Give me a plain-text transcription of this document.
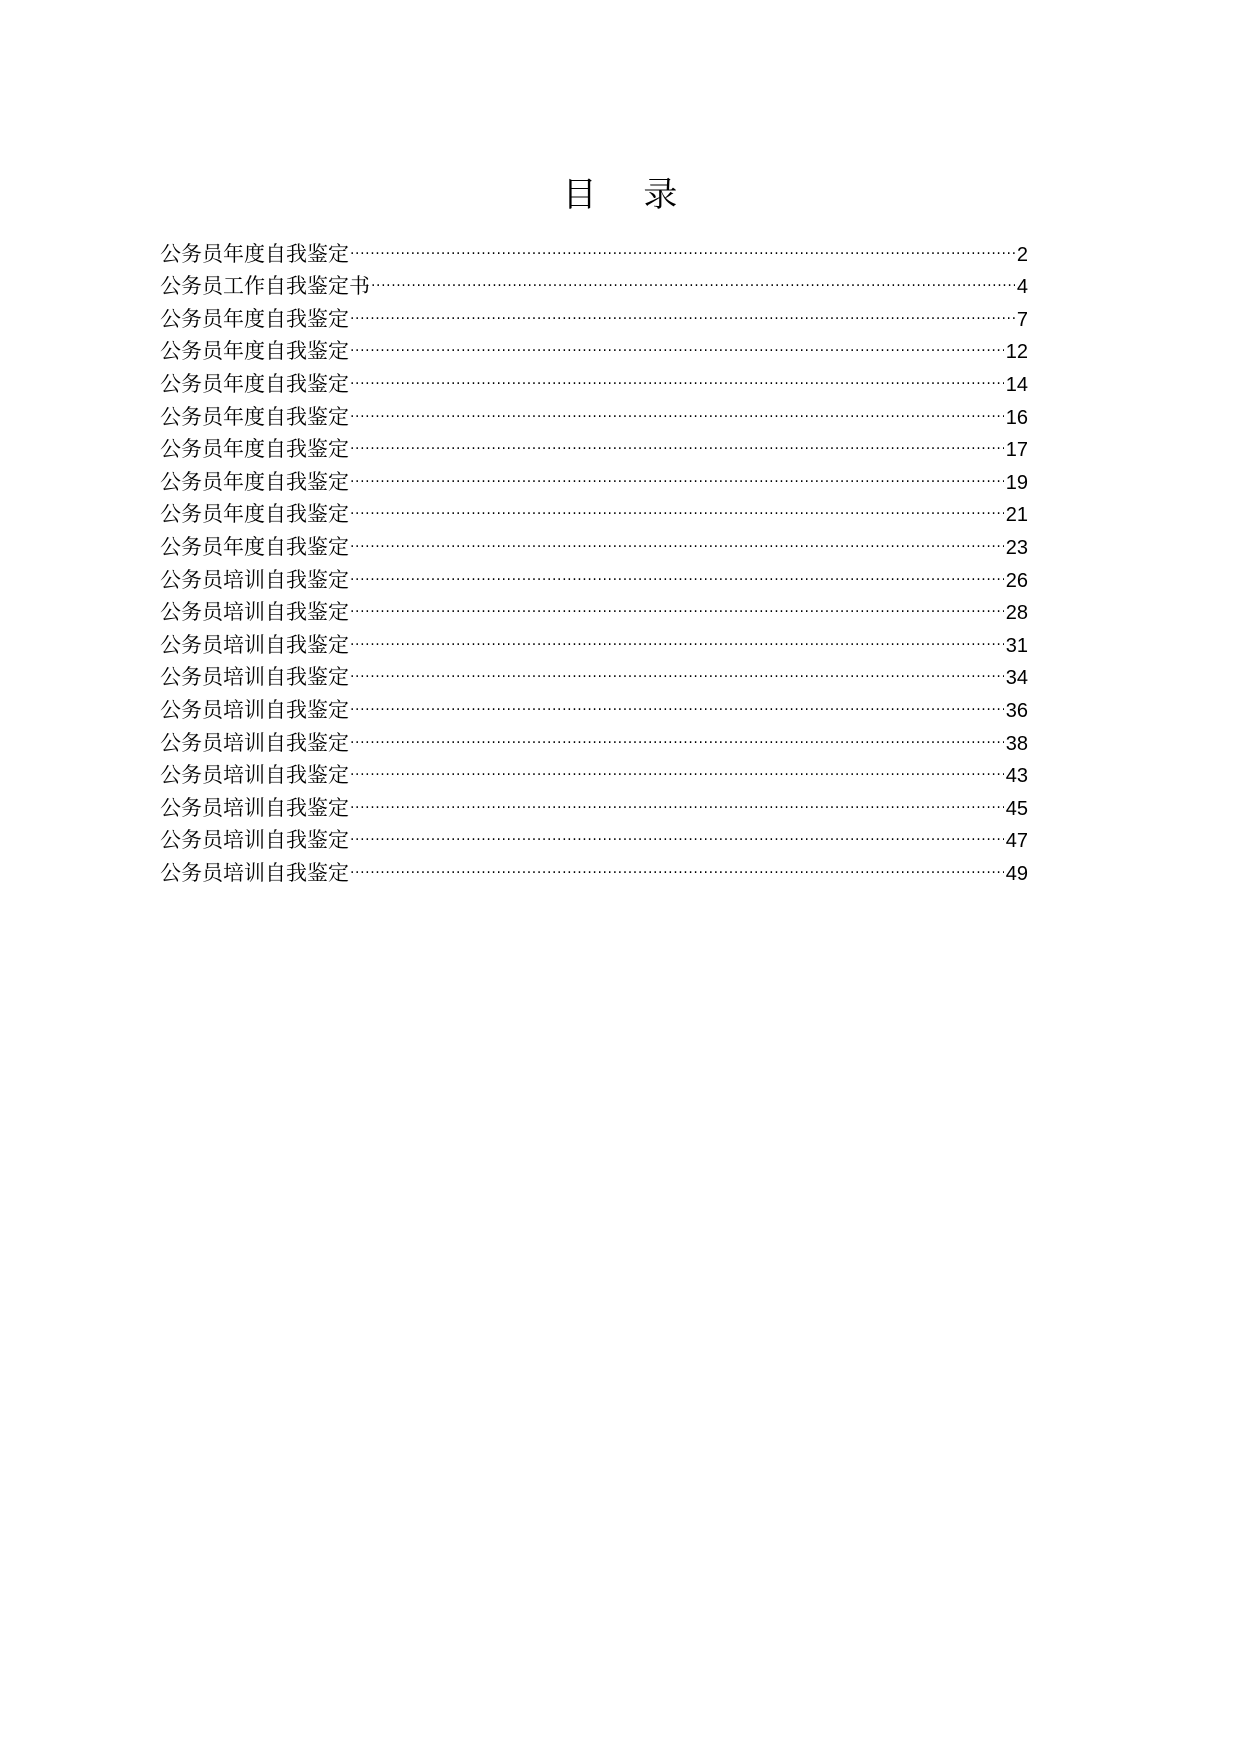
目 录
公务员年度自我鉴定 .....	2
公务员工作自我鉴定书 .....	4
公务员年度自我鉴定 .....	7
公务员年度自我鉴定 .....	12
公务员年度自我鉴定 .....	14
公务员年度自我鉴定 .....	16
公务员年度自我鉴定 .....	17
公务员年度自我鉴定 .....	19
公务员年度自我鉴定 .....	21
公务员年度自我鉴定 .....	23
公务员培训自我鉴定 .....	26
公务员培训自我鉴定 .....	28
公务员培训自我鉴定 .....	31
公务员培训自我鉴定 .....	34
公务员培训自我鉴定 .....	36
公务员培训自我鉴定 .....	38
公务员培训自我鉴定 .....	43
公务员培训自我鉴定 .....	45
公务员培训自我鉴定 .....	47
公务员培训自我鉴定 .....	49
